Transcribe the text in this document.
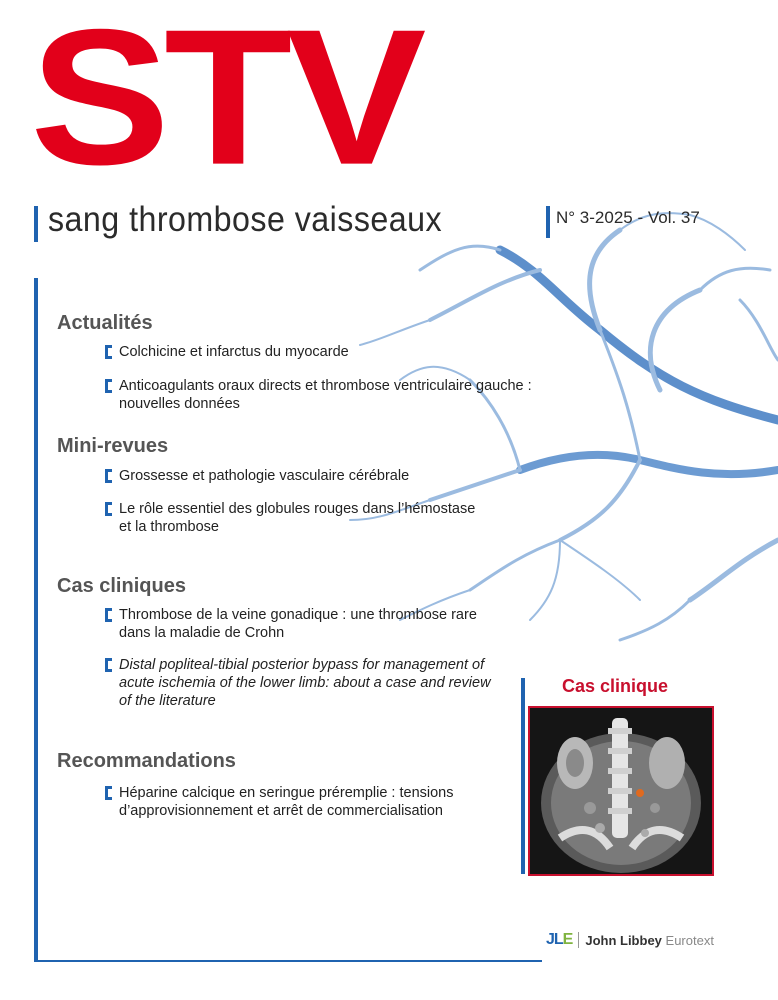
STV
sang thrombose vaisseaux	N° 3-2025 - Vol. 37
Actualités
Colchicine et infarctus du myocarde
Anticoagulants oraux directs et thrombose ventriculaire gauche : nouvelles données
Mini-revues
Grossesse et pathologie vasculaire cérébrale
Le rôle essentiel des globules rouges dans l’hémostase et la thrombose
Cas cliniques
Thrombose de la veine gonadique : une thrombose rare dans la maladie de Crohn
Distal popliteal-tibial posterior bypass for management of acute ischemia of the lower limb: about a case and review of the literature
Recommandations
Héparine calcique en seringue préremplie : tensions d’approvisionnement et arrêt de commercialisation
Cas clinique
JLE John Libbey Eurotext
